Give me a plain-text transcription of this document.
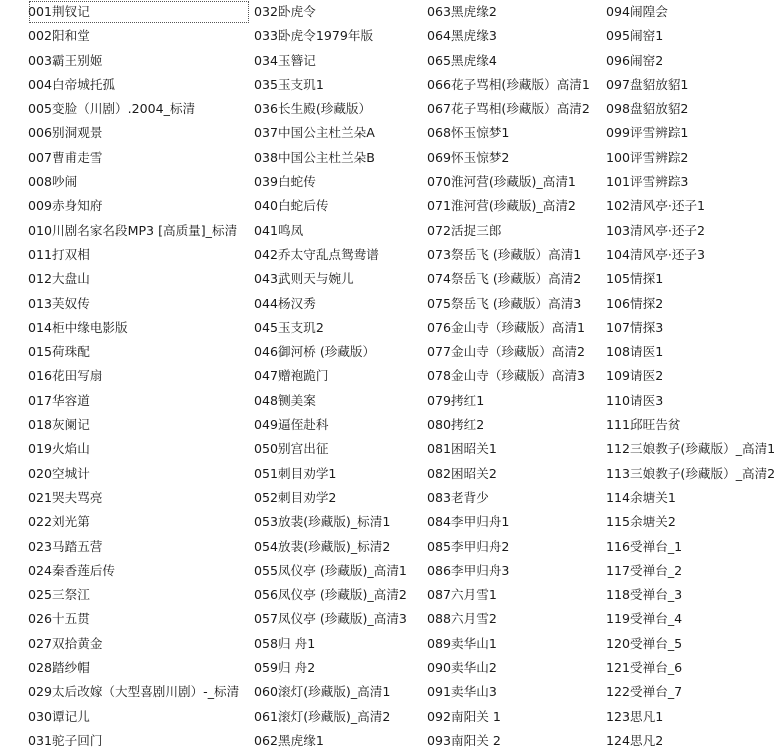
001荆钗记
002阳和堂
003霸王别姬
004白帝城托孤
005变脸（川剧）.2004_标清
006别洞观景
007曹甫走雪
008吵闹
009赤身知府
010川剧名家名段MP3 [高质量]_标清
011打双相
012大盘山
013芙奴传
014柜中缘电影版
015荷珠配
016花田写扇
017华容道
018灰阑记
019火焰山
020空城计
021哭夫骂亮
022刘光第
023马踏五营
024秦香莲后传
025三祭江
026十五贯
027双拾黄金
028踏纱帽
029太后改嫁（大型喜剧川剧）-_标清
030谭记儿
031驼子回门
032卧虎令
033卧虎令1979年版
034玉簪记
035玉支玑1
036长生殿(珍藏版）
037中国公主杜兰朵A
038中国公主杜兰朵B
039白蛇传
040白蛇后传
041鸣凤
042乔太守乱点鸳鸯谱
043武则天与婉儿
044杨汉秀
045玉支玑2
046御河桥 (珍藏版）
047赠袍跪门
048铡美案
049逼侄赴科
050别宫出征
051刺目劝学1
052刺目劝学2
053放裴(珍藏版)_标清1
054放裴(珍藏版)_标清2
055凤仪亭 (珍藏版)_高清1
056凤仪亭 (珍藏版)_高清2
057凤仪亭 (珍藏版)_高清3
058归 舟1
059归 舟2
060滚灯(珍藏版)_高清1
061滚灯(珍藏版)_高清2
062黑虎缘1
063黑虎缘2
064黑虎缘3
065黑虎缘4
066花子骂相(珍藏版）高清1
067花子骂相(珍藏版）高清2
068怀玉惊梦1
069怀玉惊梦2
070淮河营(珍藏版)_高清1
071淮河营(珍藏版)_高清2
072活捉三郎
073祭岳飞 (珍藏版）高清1
074祭岳飞 (珍藏版）高清2
075祭岳飞 (珍藏版）高清3
076金山寺（珍藏版）高清1
077金山寺（珍藏版）高清2
078金山寺（珍藏版）高清3
079拷红1
080拷红2
081困昭关1
082困昭关2
083老背少
084李甲归舟1
085李甲归舟2
086李甲归舟3
087六月雪1
088六月雪2
089卖华山1
090卖华山2
091卖华山3
092南阳关 1
093南阳关 2
094闹隍会
095闹窑1
096闹窑2
097盘貂放貂1
098盘貂放貂2
099评雪辨踪1
100评雪辨踪2
101评雪辨踪3
102清风亭·还子1
103清风亭·还子2
104清风亭·还子3
105情探1
106情探2
107情探3
108请医1
109请医2
110请医3
111邱旺告贫
112三娘教子(珍藏版）_高清1
113三娘教子(珍藏版）_高清2
114余塘关1
115余塘关2
116受禅台_1
117受禅台_2
118受禅台_3
119受禅台_4
120受禅台_5
121受禅台_6
122受禅台_7
123思凡1
124思凡2
